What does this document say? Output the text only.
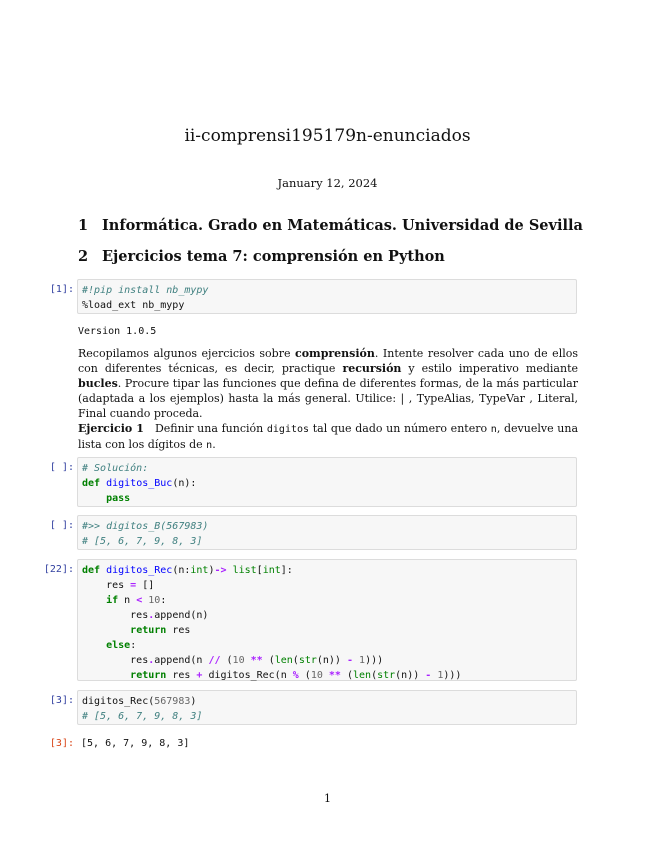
ii-comprensi195179n-enunciados
January 12, 2024
1 Informática. Grado en Matemáticas. Universidad de Sevilla
2 Ejercicios tema 7: comprensión en Python
[1]: #!pip install nb_mypy
%load_ext nb_mypy
Version 1.0.5
Recopilamos algunos ejercicios sobre comprensión. Intente resolver cada uno de ellos con diferentes técnicas, es decir, practique recursión y estilo imperativo mediante bucles. Procure tipar las funciones que defina de diferentes formas, de la más particular (adaptada a los ejemplos) hasta la más general. Utilice: | , TypeAlias, TypeVar , Literal, Final cuando proceda.
Ejercicio 1 Definir una función digitos tal que dado un número entero n, devuelve una lista con los dígitos de n.
[ ]: # Solución:
def digitos_Buc(n):
pass
[ ]: #>> digitos_B(567983)
# [5, 6, 7, 9, 8, 3]
[22]: def digitos_Rec(n:int)-> list[int]:
res = []
if n < 10:
res.append(n)
return res
else:
res.append(n // (10 ** (len(str(n)) - 1)))
return res + digitos_Rec(n % (10 ** (len(str(n)) - 1)))
[3]: digitos_Rec(567983)
# [5, 6, 7, 9, 8, 3]
[3]: [5, 6, 7, 9, 8, 3]
1
